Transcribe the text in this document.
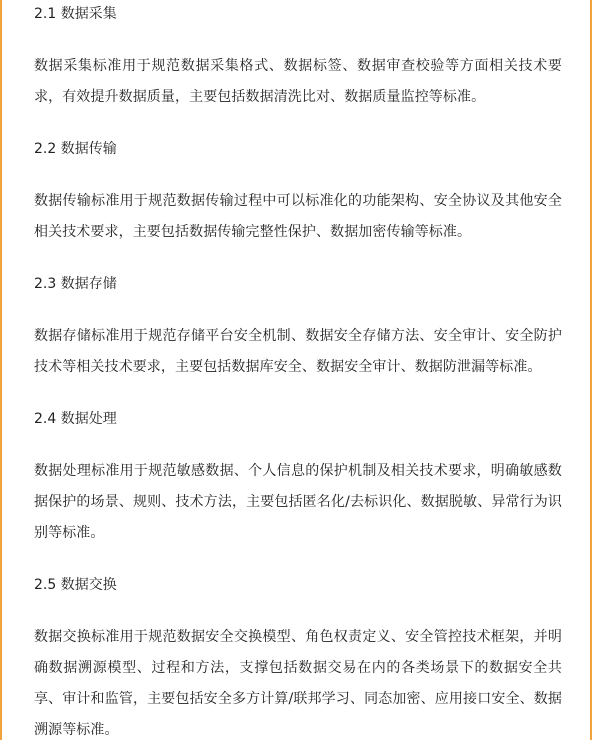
2.1 数据采集

数据采集标准用于规范数据采集格式、数据标签、数据审查校验等方面相关技术要求，有效提升数据质量，主要包括数据清洗比对、数据质量监控等标准。

2.2 数据传输

数据传输标准用于规范数据传输过程中可以标准化的功能架构、安全协议及其他安全相关技术要求，主要包括数据传输完整性保护、数据加密传输等标准。

2.3 数据存储

数据存储标准用于规范存储平台安全机制、数据安全存储方法、安全审计、安全防护技术等相关技术要求，主要包括数据库安全、数据安全审计、数据防泄漏等标准。

2.4 数据处理

数据处理标准用于规范敏感数据、个人信息的保护机制及相关技术要求，明确敏感数据保护的场景、规则、技术方法，主要包括匿名化/去标识化、数据脱敏、异常行为识别等标准。

2.5 数据交换

数据交换标准用于规范数据安全交换模型、角色权责定义、安全管控技术框架，并明确数据溯源模型、过程和方法，支撑包括数据交易在内的各类场景下的数据安全共享、审计和监管，主要包括安全多方计算/联邦学习、同态加密、应用接口安全、数据溯源等标准。
